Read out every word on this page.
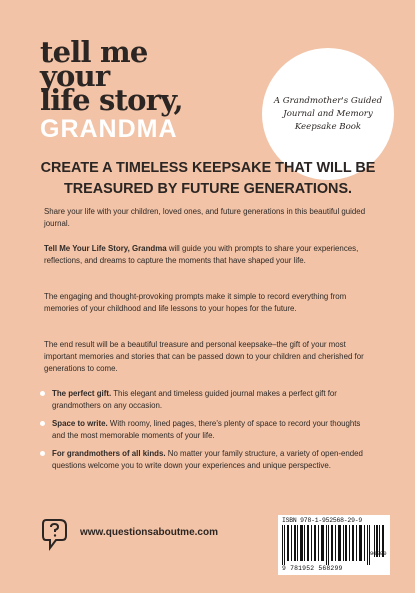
tell me
your
life story,
GRANDMA
A Grandmother's Guided Journal and Memory Keepsake Book
CREATE A TIMELESS KEEPSAKE THAT WILL BE
TREASURED BY FUTURE GENERATIONS.

Share your life with your children, loved ones, and future generations in this beautiful guided journal.

Tell Me Your Life Story, Grandma will guide you with prompts to share your experiences, reflections, and dreams to capture the moments that have shaped your life.

The engaging and thought-provoking prompts make it simple to record everything from memories of your childhood and life lessons to your hopes for the future.

The end result will be a beautiful treasure and personal keepsake–the gift of your most important memories and stories that can be passed down to your children and cherished for generations to come.

The perfect gift. This elegant and timeless guided journal makes a perfect gift for grandmothers on any occasion.
Space to write. With roomy, lined pages, there's plenty of space to record your thoughts and the most memorable moments of your life.
For grandmothers of all kinds. No matter your family structure, a variety of open-ended questions welcome you to write down your experiences and unique perspective.
www.questionsaboutme.com
ISBN 978-1-952568-29-9
9 781952 568299
90000
